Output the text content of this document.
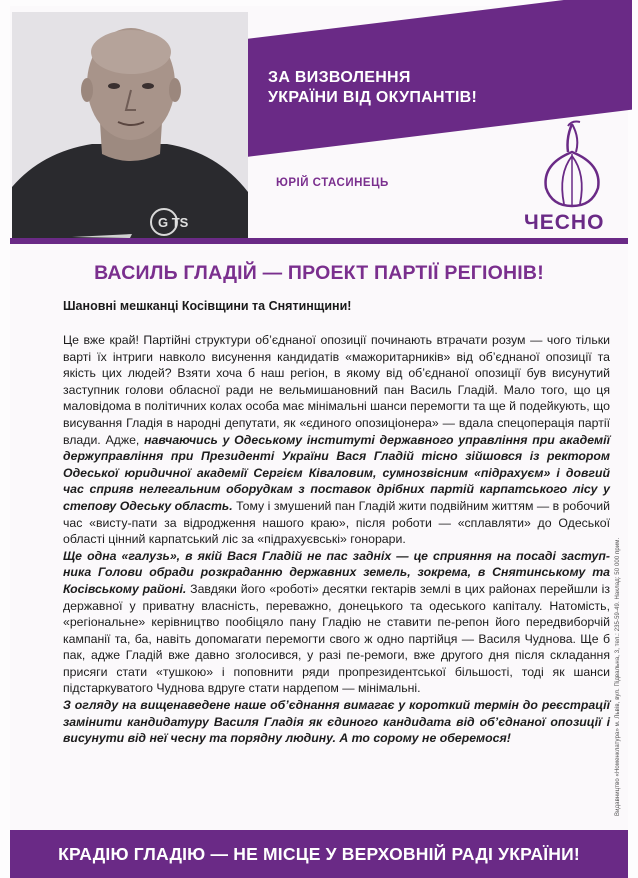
G TS
ЗА ВИЗВОЛЕННЯ
УКРАЇНИ ВІД ОКУПАНТІВ!
ЮРІЙ СТАСИНЕЦЬ
ЧЕСНО
ВАСИЛЬ ГЛАДІЙ — ПРОЕКТ ПАРТІЇ РЕГІОНІВ!
Шановні мешканці Косівщини та Снятинщини!

Це вже край! Партійні структури об’єднаної опозиції починають втрачати розум — чого тільки варті їх інтриги навколо висунення кандидатів «мажоритарників» від об’єднаної опозиції та якість цих людей? Взяти хоча б наш регіон, в якому від об’єднаної опозиції був висунутий заступник голови обласної ради не вельмишановний пан Василь Гладій. Мало того, що ця маловідома в політичних колах особа має мінімальні шанси перемогти та ще й подейкують, що висування Гладія в народні депутати, як «єдиного опозиціонера» — вдала спецоперація партії влади. Адже, навчаючись у Одеському інститутi державного управління при академії держуправління при Президенті України Вася Гладій тісно зійшовся із ректором Одеської юридичної академії Сергієм Ківаловим, сумнозвісним «підрахуєм» і довгий час сприяв нелегальним оборудкам з поставок дрібних партій карпатського лісу у степову Одеську область. Тому і змушений пан Гладій жити подвійним життям — в робочий час «висту-пати за відродження нашого краю», після роботи — «сплавляти» до Одеської області цінний карпатський ліс за «підрахуєвські» гонорари.

Ще одна «галузь», в якій Вася Гладій не пас задніх — це сприяння на посаді заступ-ника Голови обради розкраданню державних земель, зокрема, в Снятинському та Косівському районі. Завдяки його «роботі» десятки гектарів землі в цих районах перейшли із державної у приватну власність, переважно, донецького та одеського капіталу. Натомість, «регіональне» керівництво пообіцяло пану Гладію не ставити пе-репон його передвиборчій кампанії та, ба, навіть допомагати перемогти свого ж одно партійця — Василя Чуднова. Ще б пак, адже Гладій вже давно зголосився, у разі пе-ремоги, вже другого дня після складання присяги стати «тушкою» і поповнити ряди пропрезидентської більшості, тоді як шанси підстаркуватого Чуднова вдруге стати нардепом — мінімальні.

З огляду на вищенаведене наше об’єднання вимагає у короткий термін до реєстрації замінити кандидатуру Василя Гладія як єдиного кандидата від об’єднаної опозиції і висунути від неї чесну та порядну людину. А то сорому не оберемося!	Видавництво «Номенклатура» м. Львів, вул. Підвальна, 3, тел.: 235-59-49. Наклад: 50 000 прим.
КРАДІЮ ГЛАДІЮ — НЕ МІСЦЕ У ВЕРХОВНІЙ РАДІ УКРАЇНИ!
